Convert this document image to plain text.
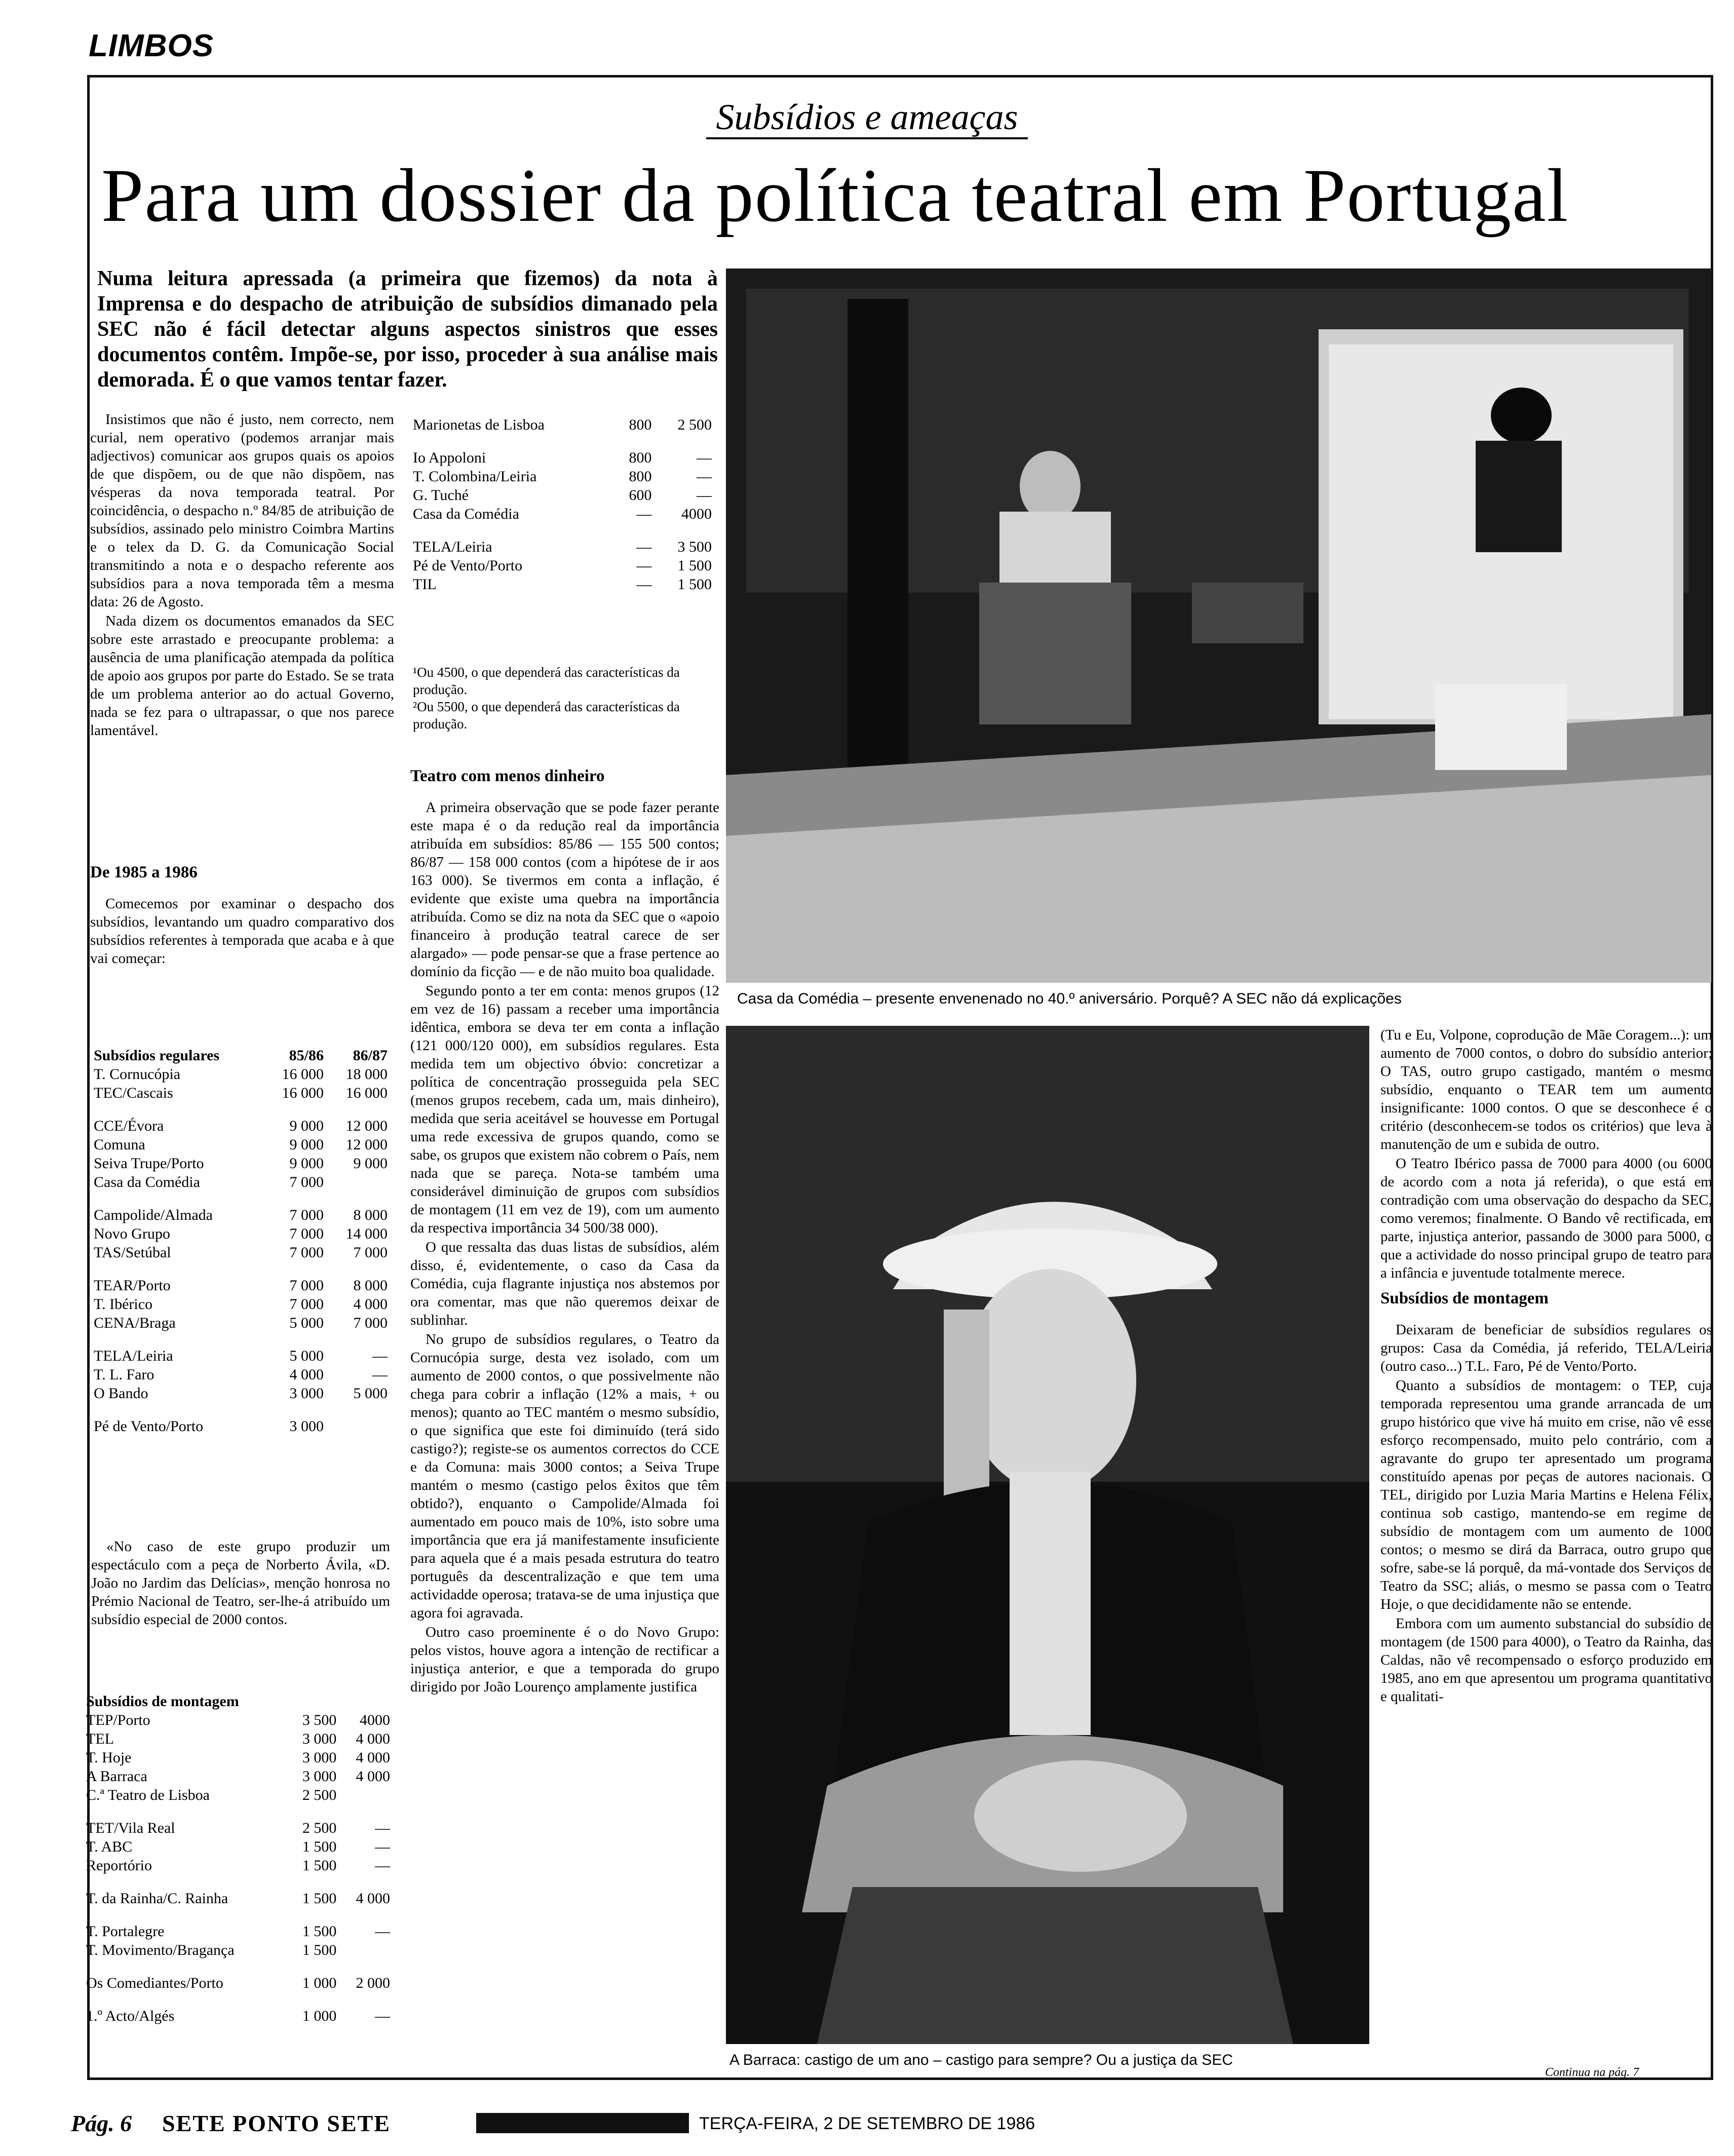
LIMBOS
Subsídios e ameaças
Para um dossier da política teatral em Portugal
Numa leitura apressada (a primeira que fizemos) da nota à Imprensa e do despacho de atribuição de subsídios dimanado pela SEC não é fácil detectar alguns aspectos sinistros que esses documentos contêm. Impõe-se, por isso, proceder à sua análise mais demorada. É o que vamos tentar fazer.

Insistimos que não é justo, nem correcto, nem curial, nem operativo (podemos arranjar mais adjectivos) comunicar aos grupos quais os apoios de que dispõem, ou de que não dispõem, nas vésperas da nova temporada teatral. Por coincidência, o despacho n.º 84/85 de atribuição de subsídios, assinado pelo ministro Coimbra Martins e o telex da D. G. da Comunicação Social transmitindo a nota e o despacho referente aos subsídios para a nova temporada têm a mesma data: 26 de Agosto.

Nada dizem os documentos emanados da SEC sobre este arrastado e preocupante problema: a ausência de uma planificação atempada da política de apoio aos grupos por parte do Estado. Se se trata de um problema anterior ao do actual Governo, nada se fez para o ultrapassar, o que nos parece lamentável.

De 1985 a 1986

Comecemos por examinar o despacho dos subsídios, levantando um quadro comparativo dos subsídios referentes à temporada que acaba e à que vai começar:

Subsídios regulares	85/86	86/87
T. Cornucópia	16 000	18 000
TEC/Cascais	16 000	16 000

CCE/Évora	9 000	12 000
Comuna	9 000	12 000
Seiva Trupe/Porto	9 000	9 000
Casa da Comédia	7 000	

Campolide/Almada	7 000	8 000
Novo Grupo	7 000	14 000
TAS/Setúbal	7 000	7 000

TEAR/Porto	7 000	8 000
T. Ibérico	7 000	4 000
CENA/Braga	5 000	7 000

TELA/Leiria	5 000	—
T. L. Faro	4 000	—
O Bando	3 000	5 000

Pé de Vento/Porto	3 000	
«No caso de este grupo produzir um espectáculo com a peça de Norberto Ávila, «D. João no Jardim das Delícias», menção honrosa no Prémio Nacional de Teatro, ser-lhe-á atribuído um subsídio especial de 2000 contos.
Subsídios de montagem		
TEP/Porto	3 500	4000
TEL	3 000	4 000
T. Hoje	3 000	4 000
A Barraca	3 000	4 000
C.ª Teatro de Lisboa	2 500	

TET/Vila Real	2 500	—
T. ABC	1 500	—
Reportório	1 500	—

T. da Rainha/C. Rainha	1 500	4 000

T. Portalegre	1 500	—
T. Movimento/Bragança	1 500	

Os Comediantes/Porto	1 000	2 000

1.º Acto/Algés	1 000	—
Marionetas de Lisboa	800	2 500

Io Appoloni	800	—
T. Colombina/Leiria	800	—
G. Tuché	600	—
Casa da Comédia	—	4000

TELA/Leiria	—	3 500
Pé de Vento/Porto	—	1 500
TIL	—	1 500

¹Ou 4500, o que dependerá das características da produção.

²Ou 5500, o que dependerá das características da produção.

Teatro com menos dinheiro

A primeira observação que se pode fazer perante este mapa é o da redução real da importância atribuída em subsídios: 85/86 — 155 500 contos; 86/87 — 158 000 contos (com a hipótese de ir aos 163 000). Se tivermos em conta a inflação, é evidente que existe uma quebra na importância atribuída. Como se diz na nota da SEC que o «apoio financeiro à produção teatral carece de ser alargado» — pode pensar-se que a frase pertence ao domínio da ficção — e de não muito boa qualidade.

Segundo ponto a ter em conta: menos grupos (12 em vez de 16) passam a receber uma importância idêntica, embora se deva ter em conta a inflação (121 000/120 000), em subsídios regulares. Esta medida tem um objectivo óbvio: concretizar a política de concentração prosseguida pela SEC (menos grupos recebem, cada um, mais dinheiro), medida que seria aceitável se houvesse em Portugal uma rede excessiva de grupos quando, como se sabe, os grupos que existem não cobrem o País, nem nada que se pareça. Nota-se também uma considerável diminuição de grupos com subsídios de montagem (11 em vez de 19), com um aumento da respectiva importância 34 500/38 000).

O que ressalta das duas listas de subsídios, além disso, é, evidentemente, o caso da Casa da Comédia, cuja flagrante injustiça nos abstemos por ora comentar, mas que não queremos deixar de sublinhar.

No grupo de subsídios regulares, o Teatro da Cornucópia surge, desta vez isolado, com um aumento de 2000 contos, o que possivelmente não chega para cobrir a inflação (12% a mais, + ou menos); quanto ao TEC mantém o mesmo subsídio, o que significa que este foi diminuído (terá sido castigo?); registe-se os aumentos correctos do CCE e da Comuna: mais 3000 contos; a Seiva Trupe mantém o mesmo (castigo pelos êxitos que têm obtido?), enquanto o Campolide/Almada foi aumentado em pouco mais de 10%, isto sobre uma importância que era já manifestamente insuficiente para aquela que é a mais pesada estrutura do teatro português da descentralização e que tem uma actividadde operosa; tratava-se de uma injustiça que agora foi agravada.

Outro caso proeminente é o do Novo Grupo: pelos vistos, houve agora a intenção de rectificar a injustiça anterior, e que a temporada do grupo dirigido por João Lourenço amplamente justifica

Casa da Comédia – presente envenenado no 40.º aniversário. Porquê? A SEC não dá explicações
A Barraca: castigo de um ano – castigo para sempre? Ou a justiça da SEC

(Tu e Eu, Volpone, coprodução de Mãe Coragem...): um aumento de 7000 contos, o dobro do subsídio anterior; O TAS, outro grupo castigado, mantém o mesmo subsídio, enquanto o TEAR tem um aumento insignificante: 1000 contos. O que se desconhece é o critério (desconhecem-se todos os critérios) que leva à manutenção de um e subida de outro.

O Teatro Ibérico passa de 7000 para 4000 (ou 6000 de acordo com a nota já referida), o que está em contradição com uma observação do despacho da SEC, como veremos; finalmente. O Bando vê rectificada, em parte, injustiça anterior, passando de 3000 para 5000, o que a actividade do nosso principal grupo de teatro para a infância e juventude totalmente merece.

Subsídios de montagem

Deixaram de beneficiar de subsídios regulares os grupos: Casa da Comédia, já referido, TELA/Leiria (outro caso...) T.L. Faro, Pé de Vento/Porto.

Quanto a subsídios de montagem: o TEP, cuja temporada representou uma grande arrancada de um grupo histórico que vive há muito em crise, não vê esse esforço recompensado, muito pelo contrário, com a agravante do grupo ter apresentado um programa constituído apenas por peças de autores nacionais. O TEL, dirigido por Luzia Maria Martins e Helena Félix, continua sob castigo, mantendo-se em regime de subsídio de montagem com um aumento de 1000 contos; o mesmo se dirá da Barraca, outro grupo que sofre, sabe-se lá porquê, da má-vontade dos Serviços de Teatro da SSC; aliás, o mesmo se passa com o Teatro Hoje, o que decididamente não se entende.

Embora com um aumento substancial do subsídio de montagem (de 1500 para 4000), o Teatro da Rainha, das Caldas, não vê recompensado o esforço produzido em 1985, ano em que apresentou um programa quantitativo e qualitati-

Continua na pág. 7
Pág. 6 SETE PONTO SETE	TERÇA-FEIRA, 2 DE SETEMBRO DE 1986
